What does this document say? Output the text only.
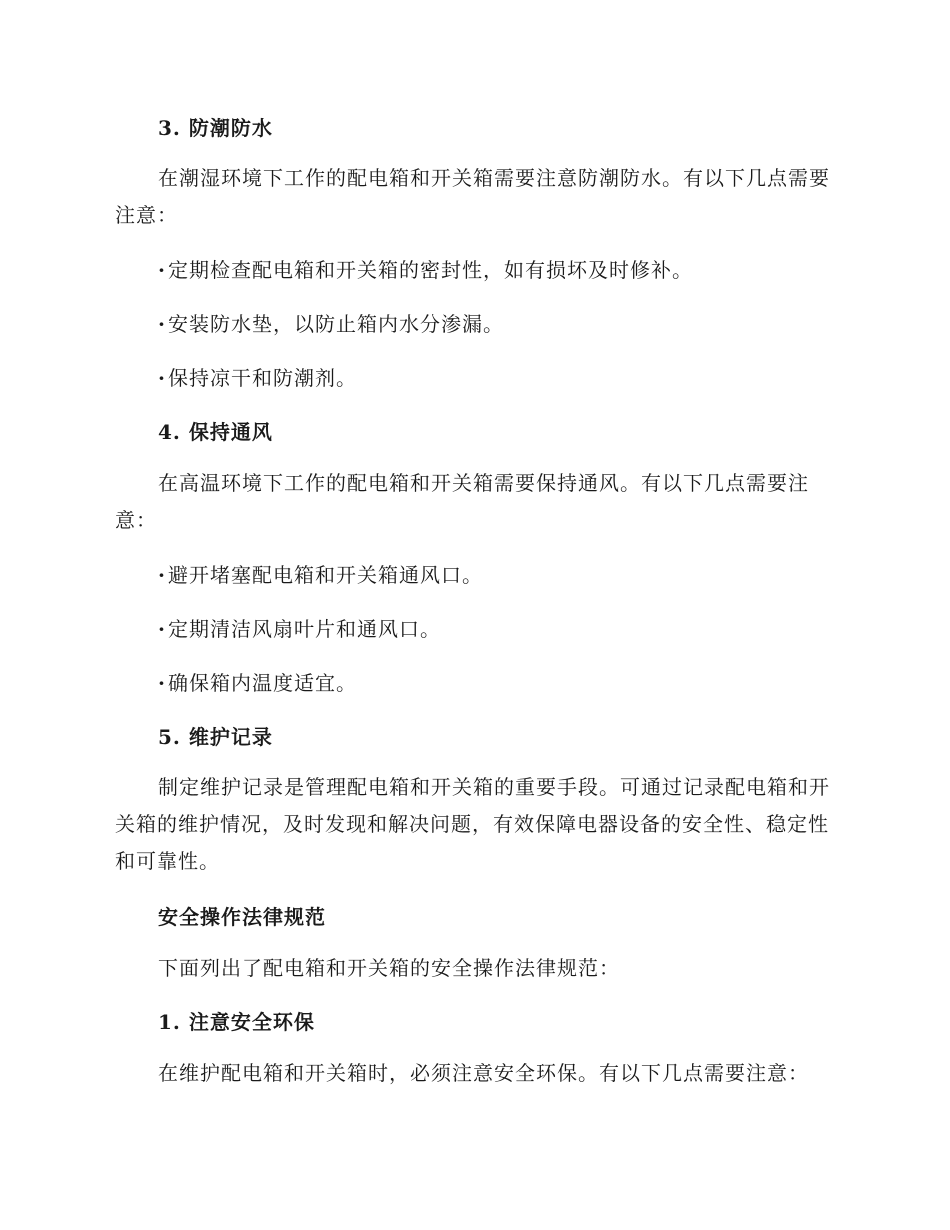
3. 防潮防水

在潮湿环境下工作的配电箱和开关箱需要注意防潮防水。有以下几点需要注意：

· 定期检查配电箱和开关箱的密封性，如有损坏及时修补。
· 安装防水垫，以防止箱内水分渗漏。
· 保持凉干和防潮剂。
4. 保持通风

在高温环境下工作的配电箱和开关箱需要保持通风。有以下几点需要注意：

· 避开堵塞配电箱和开关箱通风口。
· 定期清洁风扇叶片和通风口。
· 确保箱内温度适宜。
5. 维护记录

制定维护记录是管理配电箱和开关箱的重要手段。可通过记录配电箱和开关箱的维护情况，及时发现和解决问题，有效保障电器设备的安全性、稳定性和可靠性。

安全操作法律规范

下面列出了配电箱和开关箱的安全操作法律规范：

1. 注意安全环保

在维护配电箱和开关箱时，必须注意安全环保。有以下几点需要注意：
